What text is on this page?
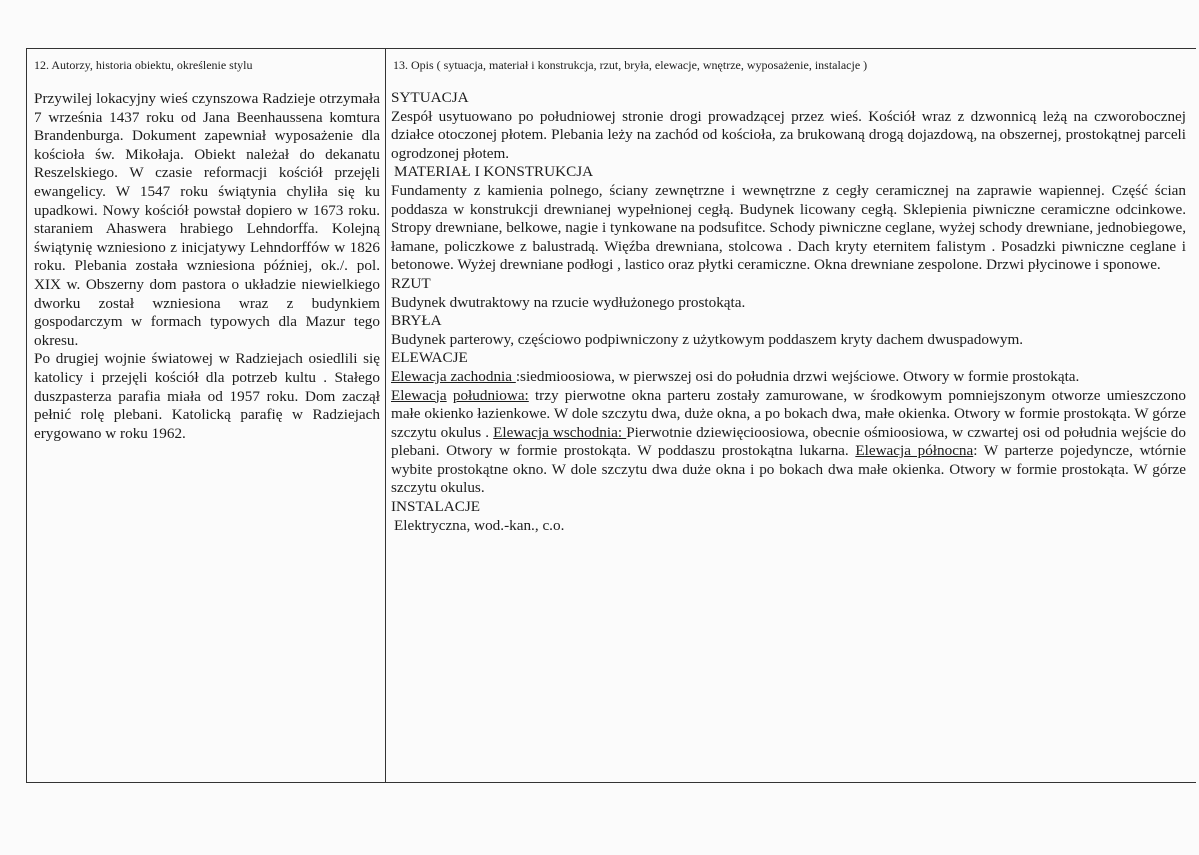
12. Autorzy, historia obiektu, określenie stylu	13. Opis ( sytuacja, materiał i konstrukcja, rzut, bryła, elewacje, wnętrze, wyposażenie, instalacje )

Przywilej lokacyjny wieś czynszowa Radzieje otrzymała 7 września 1437 roku od Jana Beenhaussena komtura Brandenburga. Dokument zapewniał wyposażenie dla kościoła św. Mikołaja. Obiekt należał do dekanatu Reszelskiego. W czasie reformacji kościół przejęli ewangelicy. W 1547 roku świątynia chyliła się ku upadkowi. Nowy kościół powstał dopiero w 1673 roku. staraniem Ahaswera hrabiego Lehndorffa. Kolejną świątynię wzniesiono z inicjatywy Lehndorffów w 1826 roku. Plebania została wzniesiona później, ok./. pol. XIX w. Obszerny dom pastora o układzie niewielkiego dworku został wzniesiona wraz z budynkiem gospodarczym w formach typowych dla Mazur tego okresu.

Po drugiej wojnie światowej w Radziejach osiedlili się katolicy i przejęli kościół dla potrzeb kultu . Stałego duszpasterza parafia miała od 1957 roku. Dom zaczął pełnić rolę plebani. Katolicką parafię w Radziejach erygowano w roku 1962.

SYTUACJA

Zespół usytuowano po południowej stronie drogi prowadzącej przez wieś. Kościół wraz z dzwonnicą leżą na czworobocznej działce otoczonej płotem. Plebania leży na zachód od kościoła, za brukowaną drogą dojazdową, na obszernej, prostokątnej parceli ogrodzonej płotem.

MATERIAŁ I KONSTRUKCJA

Fundamenty z kamienia polnego, ściany zewnętrzne i wewnętrzne z cegły ceramicznej na zaprawie wapiennej. Część ścian poddasza w konstrukcji drewnianej wypełnionej cegłą. Budynek licowany cegłą. Sklepienia piwniczne ceramiczne odcinkowe. Stropy drewniane, belkowe, nagie i tynkowane na podsufitce. Schody piwniczne ceglane, wyżej schody drewniane, jednobiegowe, łamane, policzkowe z balustradą. Więźba drewniana, stolcowa . Dach kryty eternitem falistym . Posadzki piwniczne ceglane i betonowe. Wyżej drewniane podłogi , lastico oraz płytki ceramiczne. Okna drewniane zespolone. Drzwi płycinowe i sponowe.

RZUT

Budynek dwutraktowy na rzucie wydłużonego prostokąta.

BRYŁA

Budynek parterowy, częściowo podpiwniczony z użytkowym poddaszem kryty dachem dwuspadowym.

ELEWACJE

Elewacja zachodnia :siedmioosiowa, w pierwszej osi do południa drzwi wejściowe. Otwory w formie prostokąta.

Elewacja południowa: trzy pierwotne okna parteru zostały zamurowane, w środkowym pomniejszonym otworze umieszczono małe okienko łazienkowe. W dole szczytu dwa, duże okna, a po bokach dwa, małe okienka. Otwory w formie prostokąta. W górze szczytu okulus . Elewacja wschodnia: Pierwotnie dziewięcioosiowa, obecnie ośmioosiowa, w czwartej osi od południa wejście do plebani. Otwory w formie prostokąta. W poddaszu prostokątna lukarna. Elewacja północna: W parterze pojedyncze, wtórnie wybite prostokątne okno. W dole szczytu dwa duże okna i po bokach dwa małe okienka. Otwory w formie prostokąta. W górze szczytu okulus.

INSTALACJE

Elektryczna, wod.-kan., c.o.
